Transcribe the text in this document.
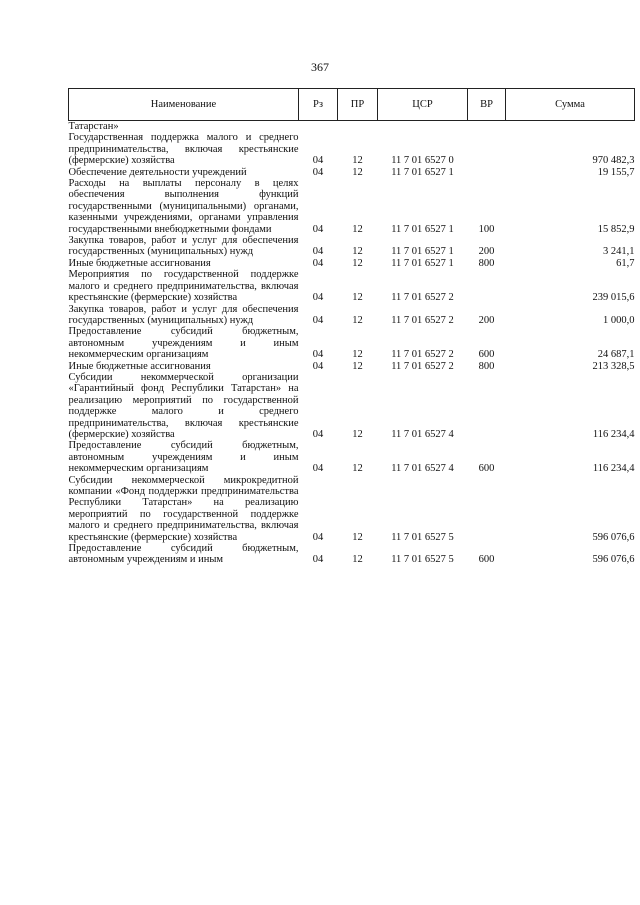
367
Наименование	Рз	ПР	ЦСР	ВР	Сумма
Татарстан»					
Государственная поддержка малого и среднего предпринимательства, включая крестьянские (фермерские) хозяйства	04	12	11 7 01 6527 0		970 482,3
Обеспечение деятельности учреждений	04	12	11 7 01 6527 1		19 155,7
Расходы на выплаты персоналу в целях обеспечения выполнения функций государственными (муниципальными) органами, казенными учреждениями, органами управления государственными внебюджетными фондами	04	12	11 7 01 6527 1	100	15 852,9
Закупка товаров, работ и услуг для обеспечения государственных (муниципальных) нужд	04	12	11 7 01 6527 1	200	3 241,1
Иные бюджетные ассигнования	04	12	11 7 01 6527 1	800	61,7
Мероприятия по государственной поддержке малого и среднего предпринимательства, включая крестьянские (фермерские) хозяйства	04	12	11 7 01 6527 2		239 015,6
Закупка товаров, работ и услуг для обеспечения государственных (муниципальных) нужд	04	12	11 7 01 6527 2	200	1 000,0
Предоставление субсидий бюджетным, автономным учреждениям и иным некоммерческим организациям	04	12	11 7 01 6527 2	600	24 687,1
Иные бюджетные ассигнования	04	12	11 7 01 6527 2	800	213 328,5
Субсидии некоммерческой организации «Гарантийный фонд Республики Татарстан» на реализацию мероприятий по государственной поддержке малого и среднего предпринимательства, включая крестьянские (фермерские) хозяйства	04	12	11 7 01 6527 4		116 234,4
Предоставление субсидий бюджетным, автономным учреждениям и иным некоммерческим организациям	04	12	11 7 01 6527 4	600	116 234,4
Субсидии некоммерческой микрокредитной компании «Фонд поддержки предпринимательства Республики Татарстан» на реализацию мероприятий по государственной поддержке малого и среднего предпринимательства, включая крестьянские (фермерские) хозяйства	04	12	11 7 01 6527 5		596 076,6
Предоставление субсидий бюджетным, автономным учреждениям и иным	04	12	11 7 01 6527 5	600	596 076,6
